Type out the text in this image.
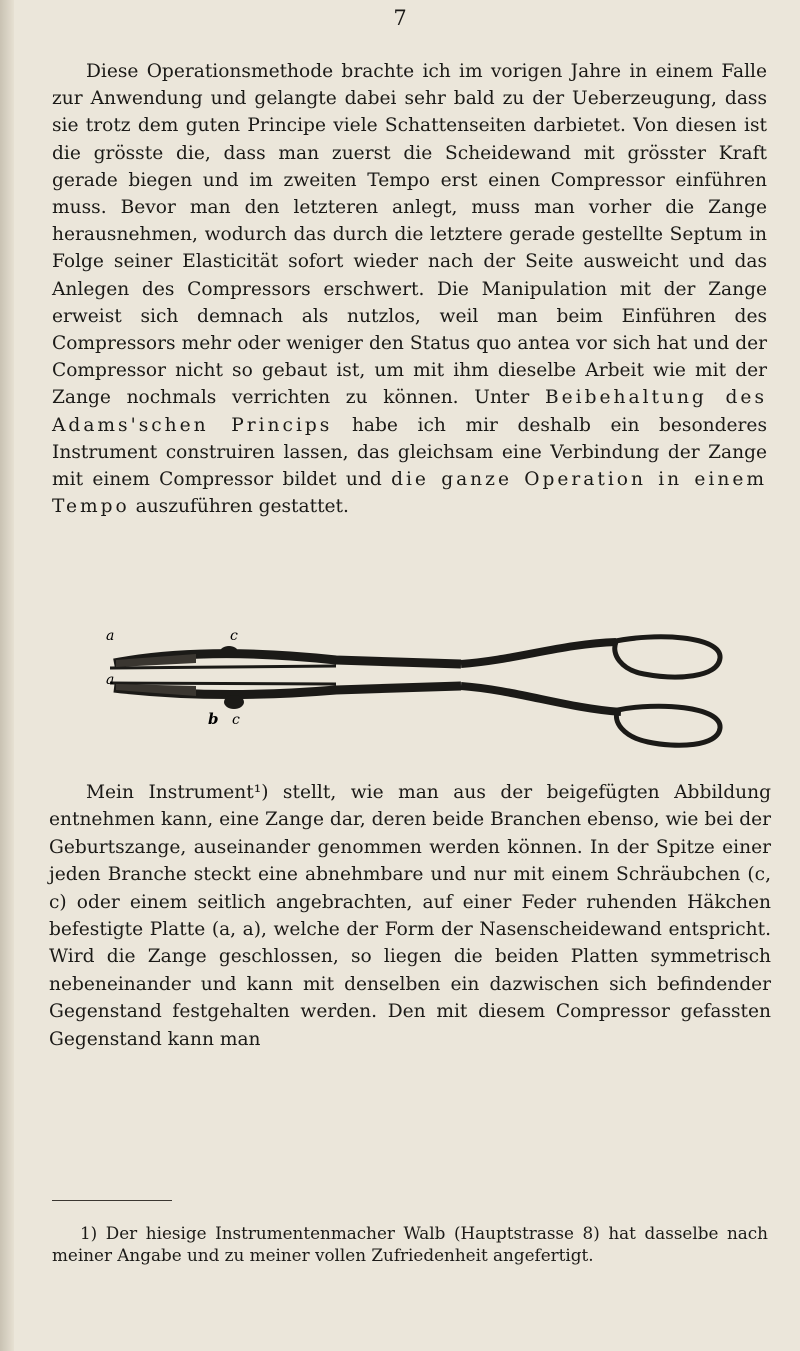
7

Diese Operationsmethode brachte ich im vorigen Jahre in einem Falle zur Anwendung und gelangte dabei sehr bald zu der Ueberzeugung, dass sie trotz dem guten Principe viele Schattenseiten darbietet. Von diesen ist die grösste die, dass man zuerst die Scheidewand mit grösster Kraft gerade biegen und im zweiten Tempo erst einen Compressor einführen muss. Bevor man den letzteren anlegt, muss man vorher die Zange herausnehmen, wodurch das durch die letztere gerade gestellte Septum in Folge seiner Elasticität sofort wieder nach der Seite ausweicht und das Anlegen des Compressors erschwert. Die Manipulation mit der Zange erweist sich demnach als nutzlos, weil man beim Einführen des Compressors mehr oder weniger den Status quo antea vor sich hat und der Compressor nicht so gebaut ist, um mit ihm dieselbe Arbeit wie mit der Zange nochmals verrichten zu können. Unter Beibehaltung des Adams'schen Princips habe ich mir deshalb ein besonderes Instrument construiren lassen, das gleichsam eine Verbindung der Zange mit einem Compressor bildet und die ganze Operation in einem Tempo auszuführen gestattet.

a	c
a
b c

Mein Instrument¹) stellt, wie man aus der beigefügten Abbildung entnehmen kann, eine Zange dar, deren beide Branchen ebenso, wie bei der Geburtszange, auseinander genommen werden können. In der Spitze einer jeden Branche steckt eine abnehmbare und nur mit einem Schräubchen (c, c) oder einem seitlich angebrachten, auf einer Feder ruhenden Häkchen befestigte Platte (a, a), welche der Form der Nasenscheidewand entspricht. Wird die Zange geschlossen, so liegen die beiden Platten symmetrisch nebeneinander und kann mit denselben ein dazwischen sich befindender Gegenstand festgehalten werden. Den mit diesem Compressor gefassten Gegenstand kann man

1) Der hiesige Instrumentenmacher Walb (Hauptstrasse 8) hat dasselbe nach meiner Angabe und zu meiner vollen Zufriedenheit angefertigt.
